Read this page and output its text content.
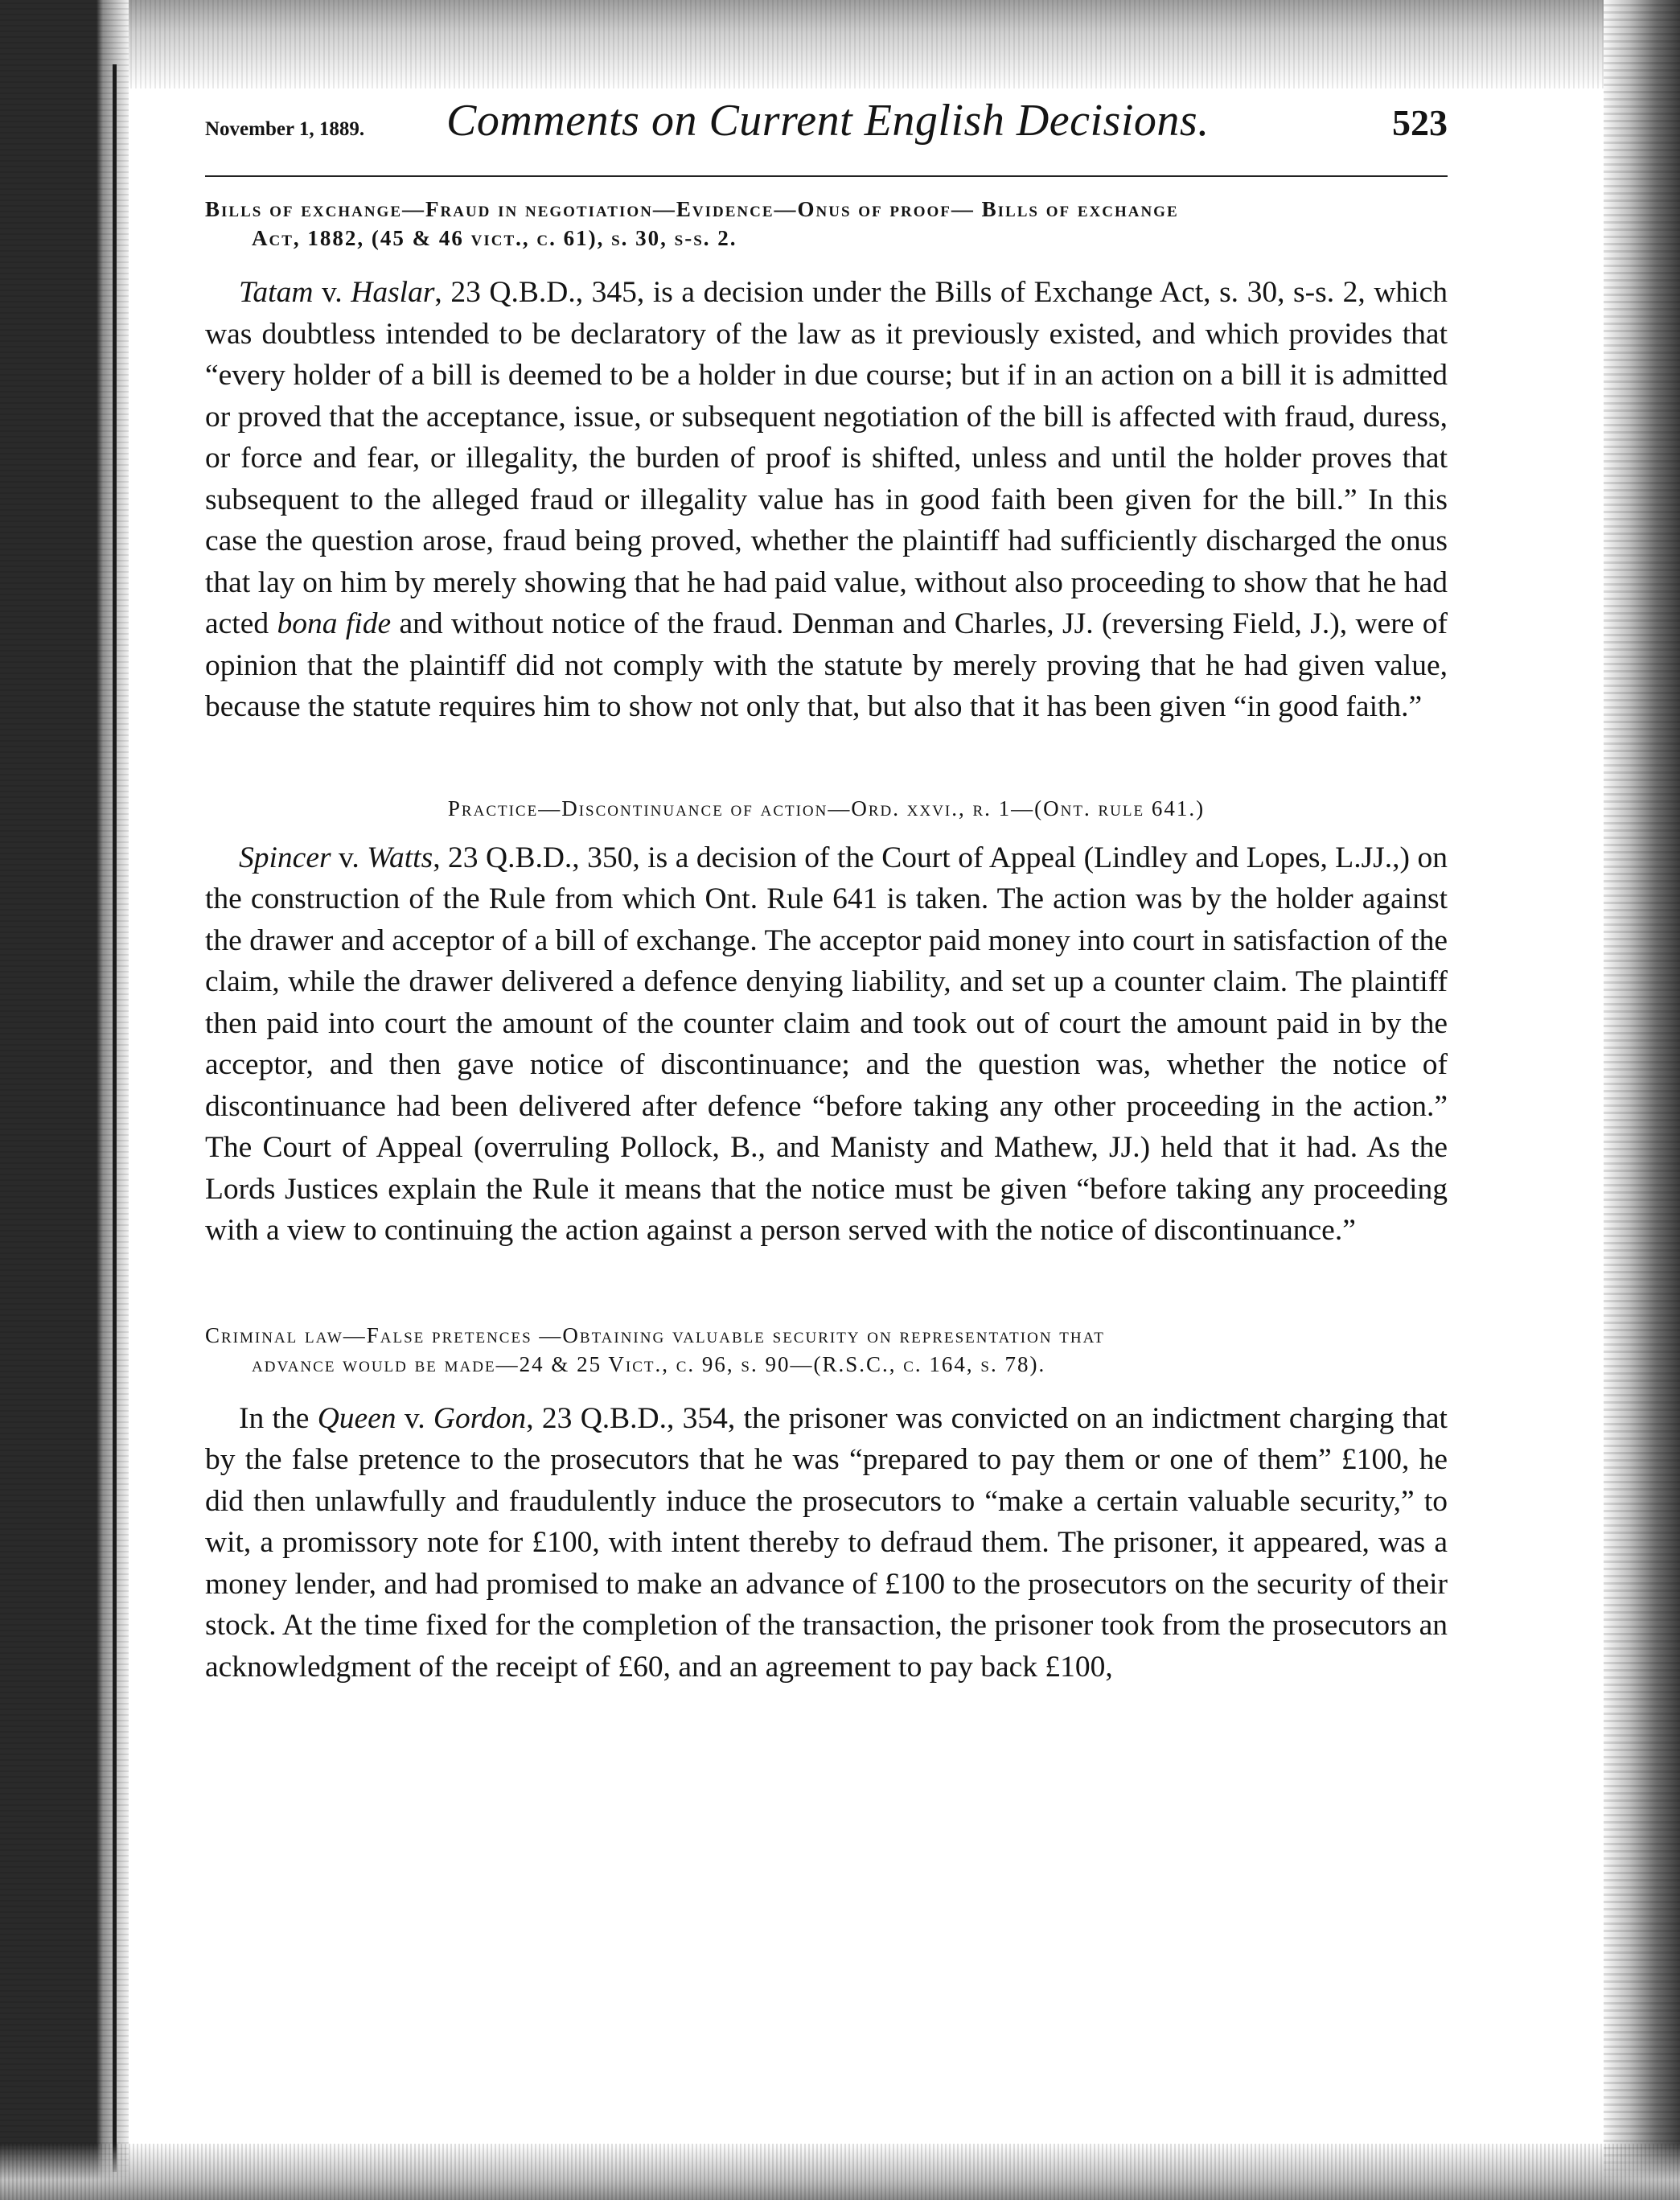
November 1, 1889.	Comments on Current English Decisions.	523
Bills of exchange—Fraud in negotiation—Evidence—Onus of proof— Bills of exchange
Act, 1882, (45 & 46 vict., c. 61), s. 30, s-s. 2.

Tatam v. Haslar, 23 Q.B.D., 345, is a decision under the Bills of Exchange Act, s. 30, s-s. 2, which was doubtless intended to be declaratory of the law as it previously existed, and which provides that “every holder of a bill is deemed to be a holder in due course; but if in an action on a bill it is admitted or proved that the acceptance, issue, or subsequent negotiation of the bill is affected with fraud, duress, or force and fear, or illegality, the burden of proof is shifted, unless and until the holder proves that subsequent to the alleged fraud or illegality value has in good faith been given for the bill.” In this case the question arose, fraud being proved, whether the plaintiff had sufficiently discharged the onus that lay on him by merely showing that he had paid value, without also proceeding to show that he had acted bona fide and without notice of the fraud. Denman and Charles, JJ. (reversing Field, J.), were of opinion that the plaintiff did not comply with the statute by merely proving that he had given value, because the statute requires him to show not only that, but also that it has been given “in good faith.”

Practice—Discontinuance of action—Ord. xxvi., r. 1—(Ont. rule 641.)

Spincer v. Watts, 23 Q.B.D., 350, is a decision of the Court of Appeal (Lindley and Lopes, L.JJ.,) on the construction of the Rule from which Ont. Rule 641 is taken. The action was by the holder against the drawer and acceptor of a bill of exchange. The acceptor paid money into court in satisfaction of the claim, while the drawer delivered a defence denying liability, and set up a counter claim. The plaintiff then paid into court the amount of the counter claim and took out of court the amount paid in by the acceptor, and then gave notice of discontinuance; and the question was, whether the notice of discontinuance had been delivered after defence “before taking any other proceeding in the action.” The Court of Appeal (overruling Pollock, B., and Manisty and Mathew, JJ.) held that it had. As the Lords Justices explain the Rule it means that the notice must be given “before taking any proceeding with a view to continuing the action against a person served with the notice of discontinuance.”

Criminal law—False pretences —Obtaining valuable security on representation that
advance would be made—24 & 25 Vict., c. 96, s. 90—(R.S.C., c. 164, s. 78).

In the Queen v. Gordon, 23 Q.B.D., 354, the prisoner was convicted on an indictment charging that by the false pretence to the prosecutors that he was “prepared to pay them or one of them” £100, he did then unlawfully and fraudulently induce the prosecutors to “make a certain valuable security,” to wit, a promissory note for £100, with intent thereby to defraud them. The prisoner, it appeared, was a money lender, and had promised to make an advance of £100 to the prosecutors on the security of their stock. At the time fixed for the completion of the transaction, the prisoner took from the prosecutors an acknowledgment of the receipt of £60, and an agreement to pay back £100,
